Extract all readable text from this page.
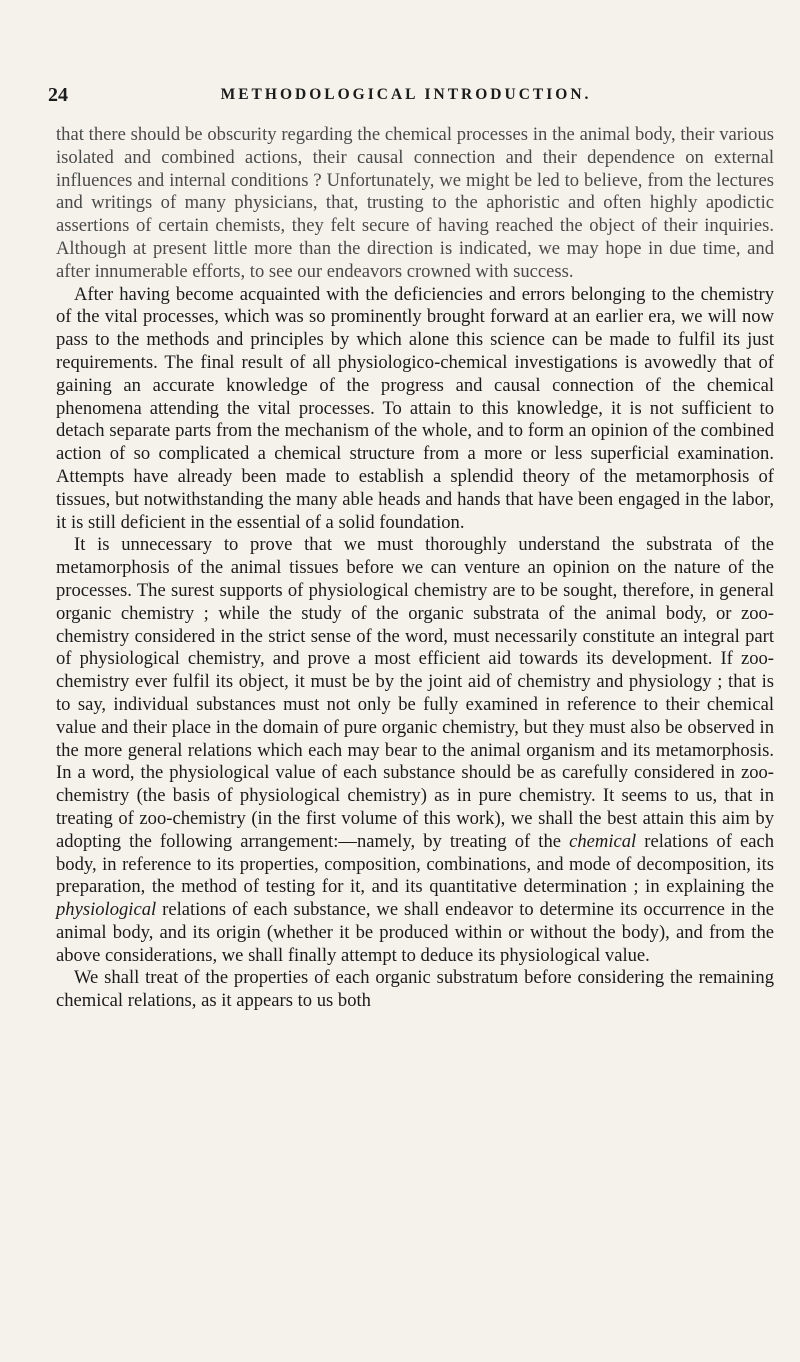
24	METHODOLOGICAL INTRODUCTION.

that there should be obscurity regarding the chemical processes in the animal body, their various isolated and combined actions, their causal connection and their dependence on external influences and internal conditions ? Unfortunately, we might be led to believe, from the lectures and writings of many physicians, that, trusting to the aphoristic and often highly apodictic assertions of certain chemists, they felt secure of having reached the object of their inquiries. Although at present little more than the direction is indicated, we may hope in due time, and after innumerable efforts, to see our endeavors crowned with success.

After having become acquainted with the deficiencies and errors belonging to the chemistry of the vital processes, which was so prominently brought forward at an earlier era, we will now pass to the methods and principles by which alone this science can be made to fulfil its just requirements. The final result of all physiologico-chemical investigations is avowedly that of gaining an accurate knowledge of the progress and causal connection of the chemical phenomena attending the vital processes. To attain to this knowledge, it is not sufficient to detach separate parts from the mechanism of the whole, and to form an opinion of the combined action of so complicated a chemical structure from a more or less superficial examination. Attempts have already been made to establish a splendid theory of the metamorphosis of tissues, but notwithstanding the many able heads and hands that have been engaged in the labor, it is still deficient in the essential of a solid foundation.

It is unnecessary to prove that we must thoroughly understand the substrata of the metamorphosis of the animal tissues before we can venture an opinion on the nature of the processes. The surest supports of physiological chemistry are to be sought, therefore, in general organic chemistry ; while the study of the organic substrata of the animal body, or zoo-chemistry considered in the strict sense of the word, must necessarily constitute an integral part of physiological chemistry, and prove a most efficient aid towards its development. If zoo-chemistry ever fulfil its object, it must be by the joint aid of chemistry and physiology ; that is to say, individual substances must not only be fully examined in reference to their chemical value and their place in the domain of pure organic chemistry, but they must also be observed in the more general relations which each may bear to the animal organism and its metamorphosis. In a word, the physiological value of each substance should be as carefully considered in zoo-chemistry (the basis of physiological chemistry) as in pure chemistry. It seems to us, that in treating of zoo-chemistry (in the first volume of this work), we shall the best attain this aim by adopting the following arrangement:—namely, by treating of the chemical relations of each body, in reference to its properties, composition, combinations, and mode of decomposition, its preparation, the method of testing for it, and its quantitative determination ; in explaining the physiological relations of each substance, we shall endeavor to determine its occurrence in the animal body, and its origin (whether it be produced within or without the body), and from the above considerations, we shall finally attempt to deduce its physiological value.

We shall treat of the properties of each organic substratum before considering the remaining chemical relations, as it appears to us both
